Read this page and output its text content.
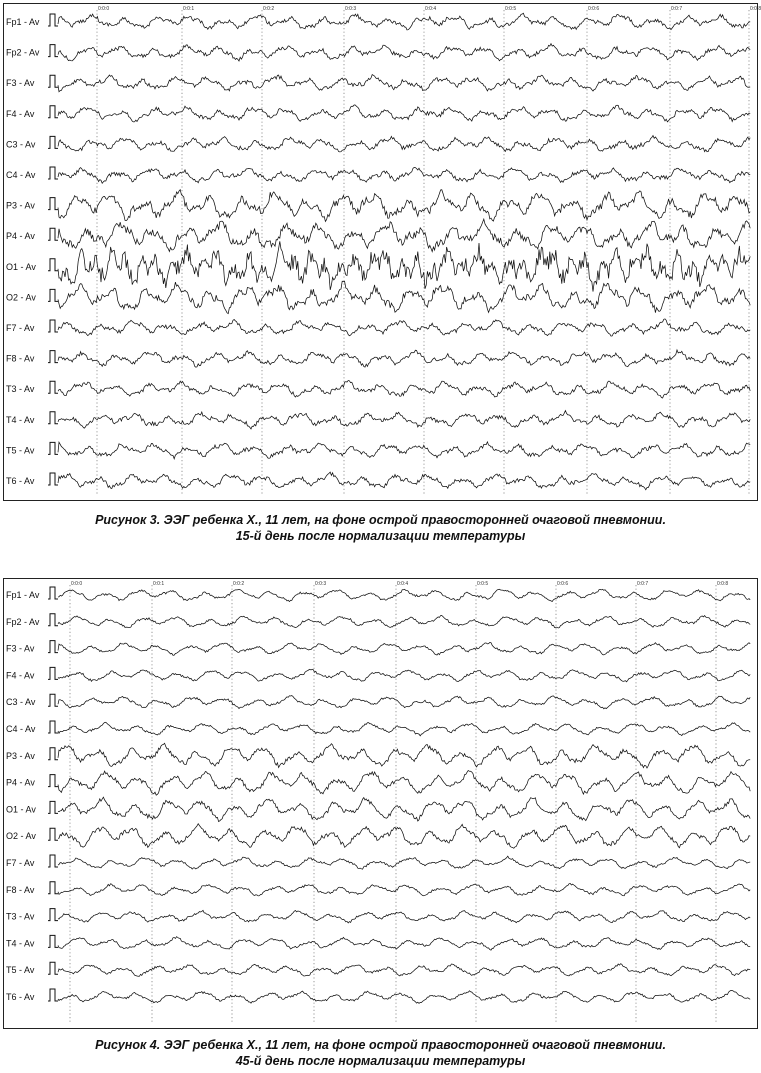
0:0:0	0:0:1	0:0:2	0:0:3	0:0:4	0:0:5	0:0:6	0:0:7	0:0:8
Fp1 - Av
Fp2 - Av
F3 - Av
F4 - Av
C3 - Av
C4 - Av
P3 - Av
P4 - Av
O1 - Av
O2 - Av
F7 - Av
F8 - Av
T3 - Av
T4 - Av
T5 - Av
T6 - Av
Рисунок 3. ЭЭГ ребенка Х., 11 лет, на фоне острой правосторонней очаговой пневмонии.
15-й день после нормализации температуры
0:0:0	0:0:1	0:0:2	0:0:3	0:0:4	0:0:5	0:0:6	0:0:7	0:0:8
Fp1 - Av
Fp2 - Av
F3 - Av
F4 - Av
C3 - Av
C4 - Av
P3 - Av
P4 - Av
O1 - Av
O2 - Av
F7 - Av
F8 - Av
T3 - Av
T4 - Av
T5 - Av
T6 - Av
Рисунок 4. ЭЭГ ребенка Х., 11 лет, на фоне острой правосторонней очаговой пневмонии.
45-й день после нормализации температуры
